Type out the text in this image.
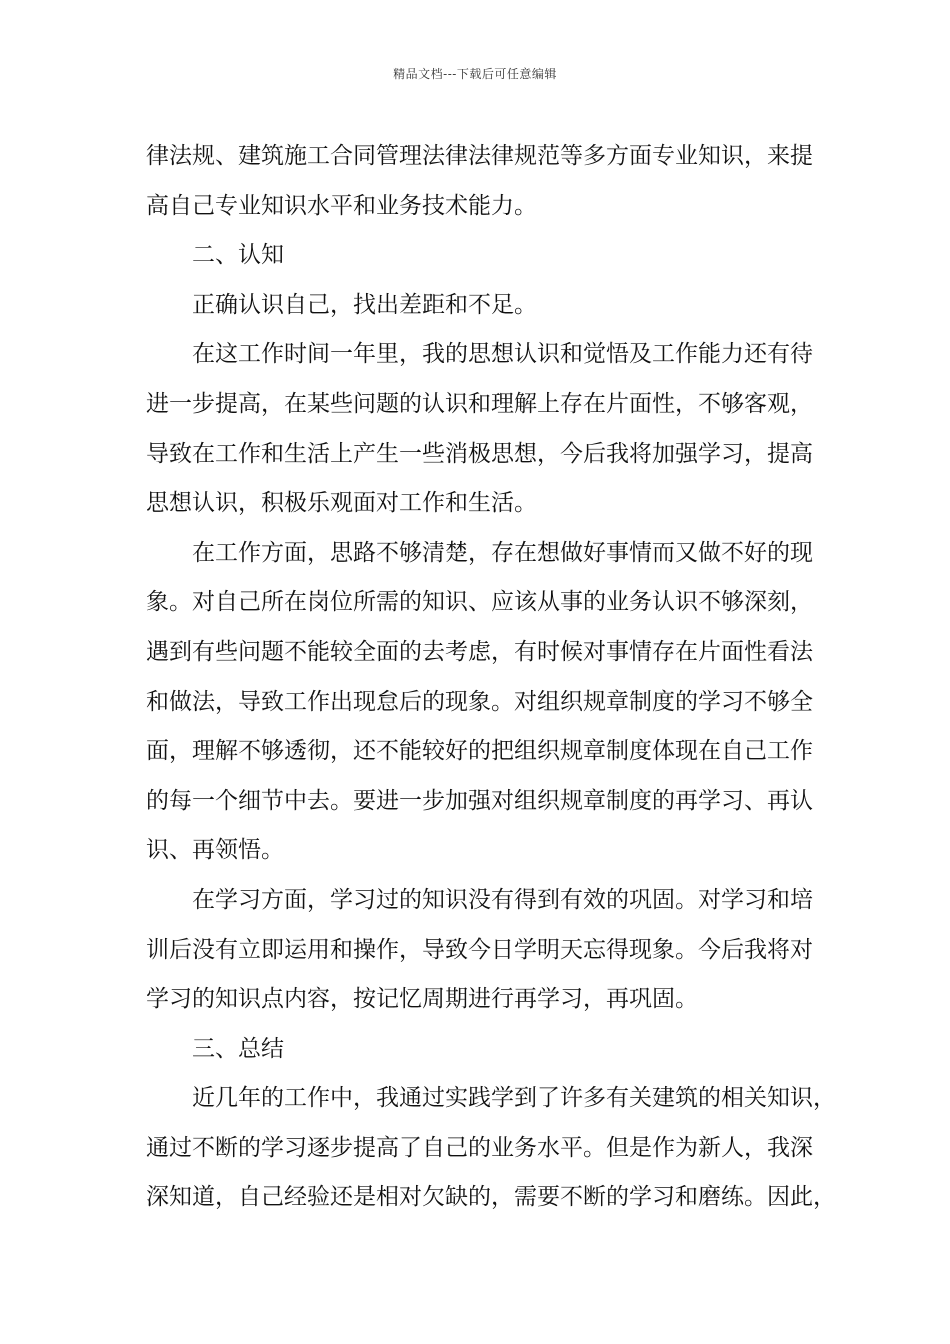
精品文档---下载后可任意编辑
律法规、建筑施工合同管理法律法律规范等多方面专业知识，来提
高自己专业知识水平和业务技术能力。
二、认知
正确认识自己，找出差距和不足。
在这工作时间一年里，我的思想认识和觉悟及工作能力还有待
进一步提高，在某些问题的认识和理解上存在片面性，不够客观，
导致在工作和生活上产生一些消极思想，今后我将加强学习，提高
思想认识，积极乐观面对工作和生活。
在工作方面，思路不够清楚，存在想做好事情而又做不好的现
象。对自己所在岗位所需的知识、应该从事的业务认识不够深刻，
遇到有些问题不能较全面的去考虑，有时候对事情存在片面性看法
和做法，导致工作出现怠后的现象。对组织规章制度的学习不够全
面，理解不够透彻，还不能较好的把组织规章制度体现在自己工作
的每一个细节中去。要进一步加强对组织规章制度的再学习、再认
识、再领悟。
在学习方面，学习过的知识没有得到有效的巩固。对学习和培
训后没有立即运用和操作，导致今日学明天忘得现象。今后我将对
学习的知识点内容，按记忆周期进行再学习，再巩固。
三、总结
近几年的工作中，我通过实践学到了许多有关建筑的相关知识，
通过不断的学习逐步提高了自己的业务水平。但是作为新人，我深
深知道，自己经验还是相对欠缺的，需要不断的学习和磨练。因此，
